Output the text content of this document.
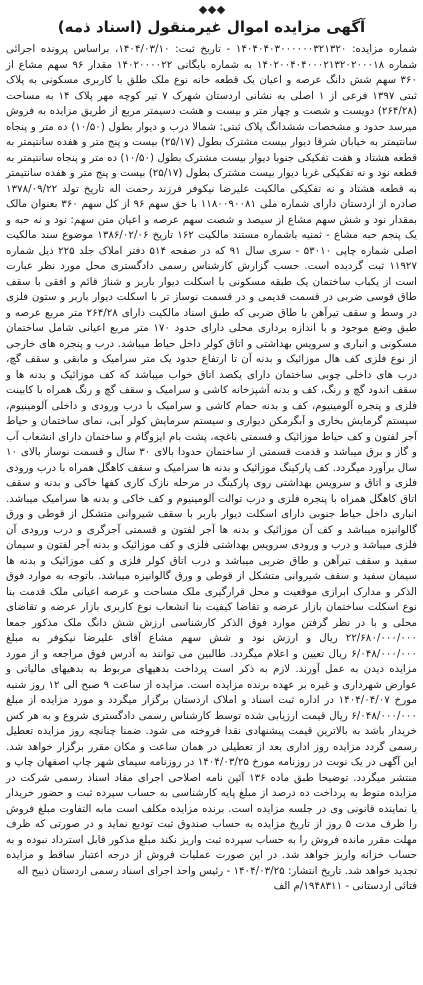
آگهی مزایده اموال غیرمنقول (اسناد ذمه)

شماره مزایده: ۱۴۰۴۰۴۰۳۰۰۰۰۰۰۳۲۱۳۲۰ - تاریخ ثبت: ۱۴۰۴/۰۳/۱۰، براساس پرونده اجرائی شماره ۱۴۰۲۰۰۴۰۴۰۰۰۲۱۳۲۰۲۰۰۰۱۸ به شماره بایگانی ۱۴۰۲۰۰۰۰۲۲ مقدار ۹۶ سهم مشاع از ۳۶۰ سهم شش دانگ عرصه و اعیان یک قطعه خانه نوع ملک طلق با کاربری مسکونی به پلاک ثبتی ۱۳۹۷ فرعی از ۱ اصلی به نشانی اردستان شهرک ۷ تیر کوچه مهر پلاک ۱۴ به مساحت (۲۶۴/۲۸) دویست و شصت و چهار متر و بیست و هشت دسیمتر مربع از طریق مزایده به فروش میرسد حدود و مشخصات ششدانگ پلاک ثبتی: شمالا درب و دیوار بطول (۱۰/۵۰) ده متر و پنجاه سانتیمتر به خیابان شرقا دیوار بیست مشترک بطول (۲۵/۱۷) بیست و پنج متر و هفده سانتیمتر به قطعه هشتاد و هفت تفکیکی جنوبا دیوار بیست مشترک بطول (۱۰/۵۰) ده متر و پنجاه سانتیمتر به قطعه نود و نه تفکیکی غربا دیوار بیست مشترک بطول (۲۵/۱۷) بیست و پنج متر و هفده سانتیمتر به قطعه هشتاد و نه تفکیکی مالکیت علیرضا نیکوفر فرزند رحمت اله تاریخ تولد ۱۳۷۸/۰۹/۲۲ صادره از اردستان دارای شماره ملی ۱۱۸۰۰۹۰۰۸۱ با حق سهم ۹۶ از کل سهم ۳۶۰ بعنوان مالک بمقدار نود و شش سهم مشاع از سیصد و شصت سهم عرصه و اعیان متن سهم: نود و نه حبه و یک پنجم حبه مشاع - ثمنیه باشماره مستند مالکیت ۱۶۲ تاریخ ۱۳۸۶/۰۲/۰۶ موضوع سند مالکیت اصلی شماره چاپی ۵۳۰۱۰ - سری سال ۹۱ که در صفحه ۵۱۴ دفتر املاک جلد ۲۲۵ ذیل شماره ۱۱۹۲۷ ثبت گردیده است. حسب گزارش کارشناس رسمی دادگستری محل مورد نظر عبارت است از یکباب ساختمان یک طبقه مسکونی با اسکلت دیوار باربر و شناژ قائم و افقی با سقف طاق قوسی ضربی در قسمت قدیمی و در قسمت نوساز تر با اسکلت دیوار باربر و ستون فلزی در وسط و سقف تیرآهن با طاق ضربی که طبق اسناد مالکیت دارای ۲۶۴/۲۸ متر مربع عرصه و طبق وضع موجود و با اندازه برداری محلی دارای حدود ۱۷۰ متر مربع اعیانی شامل ساختمان مسکونی و انباری و سرویس بهداشتی و اتاق کولر داخل حیاط میباشد. درب و پنجره های خارجی از نوع فلزی کف هال موزائیک و بدنه آن تا ارتفاع حدود یک متر سرامیک و مابقی و سقف گچ، درب های داخلی چوبی ساختمان دارای یکصد اتاق خواب میباشد که کف موزائیک و بدنه ها و سقف اندود گچ و رنگ، کف و بدنه آشپزخانه کاشی و سرامیک و سقف گچ و رنگ همراه با کابینت فلزی و پنجره آلومینیوم، کف و بدنه حمام کاشی و سرامیک با درب ورودی و داخلی آلومینیوم، سیستم گرمایش بخاری و آبگرمکن دیواری و سیستم سرمایش کولر آبی، نمای ساختمان و حیاط آجر لفتون و کف حیاط موزائیک و قسمتی باغچه، پشت بام ایزوگام و ساختمان دارای انشعاب آب و گاز و برق میباشد و قدمت قسمتی از ساختمان حدودا بالای ۳۰ سال و قسمت نوساز بالای ۱۰ سال برآورد میگردد. کف پارکینگ موزائیک و بدنه ها سرامیک و سقف کاهگل همراه با درب ورودی فلزی و اتاق و سرویس بهداشتی روی پارکینگ در مرحله نازک کاری کفها خاکی و بدنه و سقف اتاق کاهگل همراه با پنجره فلزی و درب توالت آلومینیوم و کف خاکی و بدنه ها سرامیک میباشد. انباری داخل حیاط جنوبی دارای اسکلت دیوار باربر با سقف شیروانی متشکل از قوطی و ورق گالوانیزه میباشد و کف آن موزائیک و بدنه ها آجر لفتون و قسمتی آجرگری و درب ورودی آن فلزی میباشد و درب و ورودی سرویس بهداشتی فلزی و کف موزائیک و بدنه آجر لفتون و سیمان سفید و سقف تیرآهن و طاق ضربی میباشد و درب اتاق کولر فلزی و کف موزائیک و بدنه ها سیمان سفید و سقف شیروانی متشکل از قوطی و ورق گالوانیزه میباشد. باتوجه به موارد فوق الذکر و مدارک ابرازی موقعیت و محل قرارگیری ملک مساحت و عرصه اعیانی ملک قدمت بنا نوع اسکلت ساختمان بازار عرضه و تقاضا کیفیت بنا انشعاب نوع کاربری بازار عرضه و تقاضای محلی و با در نظر گرفتن موارد فوق الذکر کارشناسی ارزش شش دانگ ملک مذکور جمعا ۲۲/۶۸۰/۰۰۰/۰۰۰ ریال و ارزش نود و شش سهم مشاع آقای علیرضا نیکوفر به مبلغ ۶/۰۴۸/۰۰۰/۰۰۰ ریال تعیین و اعلام میگردد. طالبین می توانند به آدرس فوق مراجعه و از مورد مزایده دیدن به عمل آورند. لازم به ذکر است پرداخت بدهیهای مربوط به بدهیهای مالیاتی و عوارض شهرداری و غیره بر عهده برنده مزایده است. مزایده از ساعت ۹ صبح الی ۱۲ روز شنبه مورخ ۱۴۰۴/۰۴/۰۷ در اداره ثبت اسناد و املاک اردستان برگزار میگردد و مورد مزایده از مبلغ ۶/۰۴۸/۰۰۰/۰۰۰ ریال قیمت ارزیابی شده توسط کارشناس رسمی دادگستری شروع و به هر کس خریدار باشد به بالاترین قیمت پیشنهادی نقدا فروخته می شود. ضمنا چنانچه روز مزایده تعطیل رسمی گردد مزایده روز اداری بعد از تعطیلی در همان ساعت و مکان مقرر برگزار خواهد شد. این آگهی در یک نوبت در روزنامه مورخ ۱۴۰۴/۰۳/۲۵ در روزنامه سیمای شهر چاپ اصفهان چاپ و منتشر میگردد. توضیحا طبق ماده ۱۳۶ آئین نامه اصلاحی اجرای مفاد اسناد رسمی شرکت در مزایده منوط به پرداخت ده درصد از مبلغ پایه کارشناسی به حساب سپرده ثبت و حضور خریدار یا نماینده قانونی وی در جلسه مزایده است. برنده مزایده مکلف است مابه التفاوت مبلغ فروش را ظرف مدت ۵ روز از تاریخ مزایده به حساب صندوق ثبت توديع نمايد و در صورتی که ظرف مهلت مقرر مانده فروش را به حساب سپرده ثبت واریز نکند مبلغ مذکور قابل استرداد نبوده و به حساب خزانه واریز خواهد شد. در این صورت عملیات فروش از درجه اعتبار ساقط و مزایده تجدید خواهد شد. تاریخ انتشار: ۱۴۰۴/۰۳/۲۵ - رئیس واحد اجرای اسناد رسمی اردستان ذبیح اله

فتائی اردستانی - ۱۹۴۸۳۱۱/م الف
